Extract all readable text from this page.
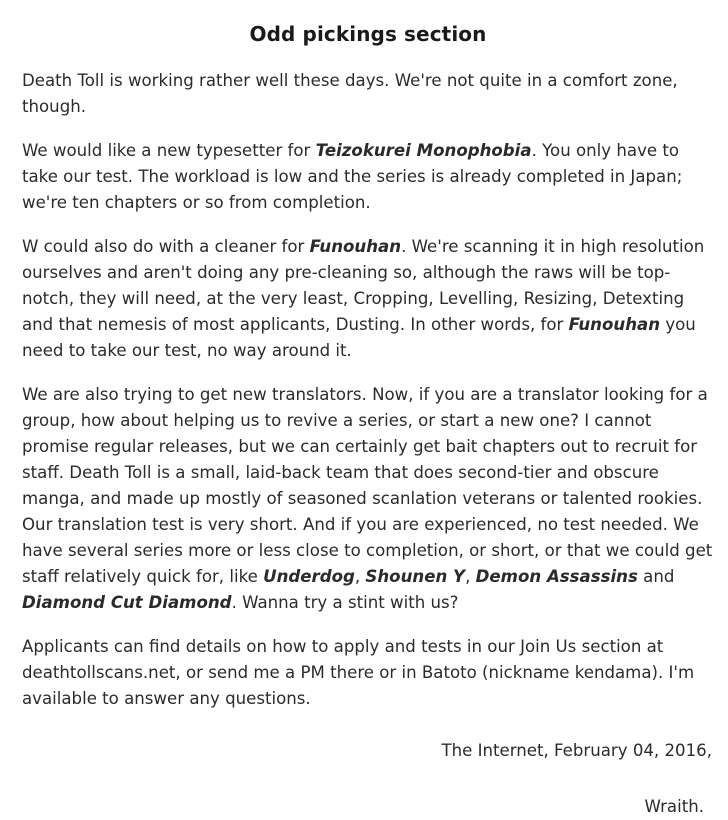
Odd pickings section

Death Toll is working rather well these days. We're not quite in a comfort zone, though.

We would like a new typesetter for Teizokurei Monophobia. You only have to take our test. The workload is low and the series is already completed in Japan; we're ten chapters or so from completion.

W could also do with a cleaner for Funouhan. We're scanning it in high resolution ourselves and aren't doing any pre-cleaning so, although the raws will be top-notch, they will need, at the very least, Cropping, Levelling, Resizing, Detexting and that nemesis of most applicants, Dusting. In other words, for Funouhan you need to take our test, no way around it.

We are also trying to get new translators. Now, if you are a translator looking for a group, how about helping us to revive a series, or start a new one? I cannot promise regular releases, but we can certainly get bait chapters out to recruit for staff. Death Toll is a small, laid-back team that does second-tier and obscure manga, and made up mostly of seasoned scanlation veterans or talented rookies. Our translation test is very short. And if you are experienced, no test needed. We have several series more or less close to completion, or short, or that we could get staff relatively quick for, like Underdog, Shounen Y, Demon Assassins and Diamond Cut Diamond. Wanna try a stint with us?

Applicants can find details on how to apply and tests in our Join Us section at deathtollscans.net, or send me a PM there or in Batoto (nickname kendama). I'm available to answer any questions.

The Internet, February 04, 2016,
Wraith.
